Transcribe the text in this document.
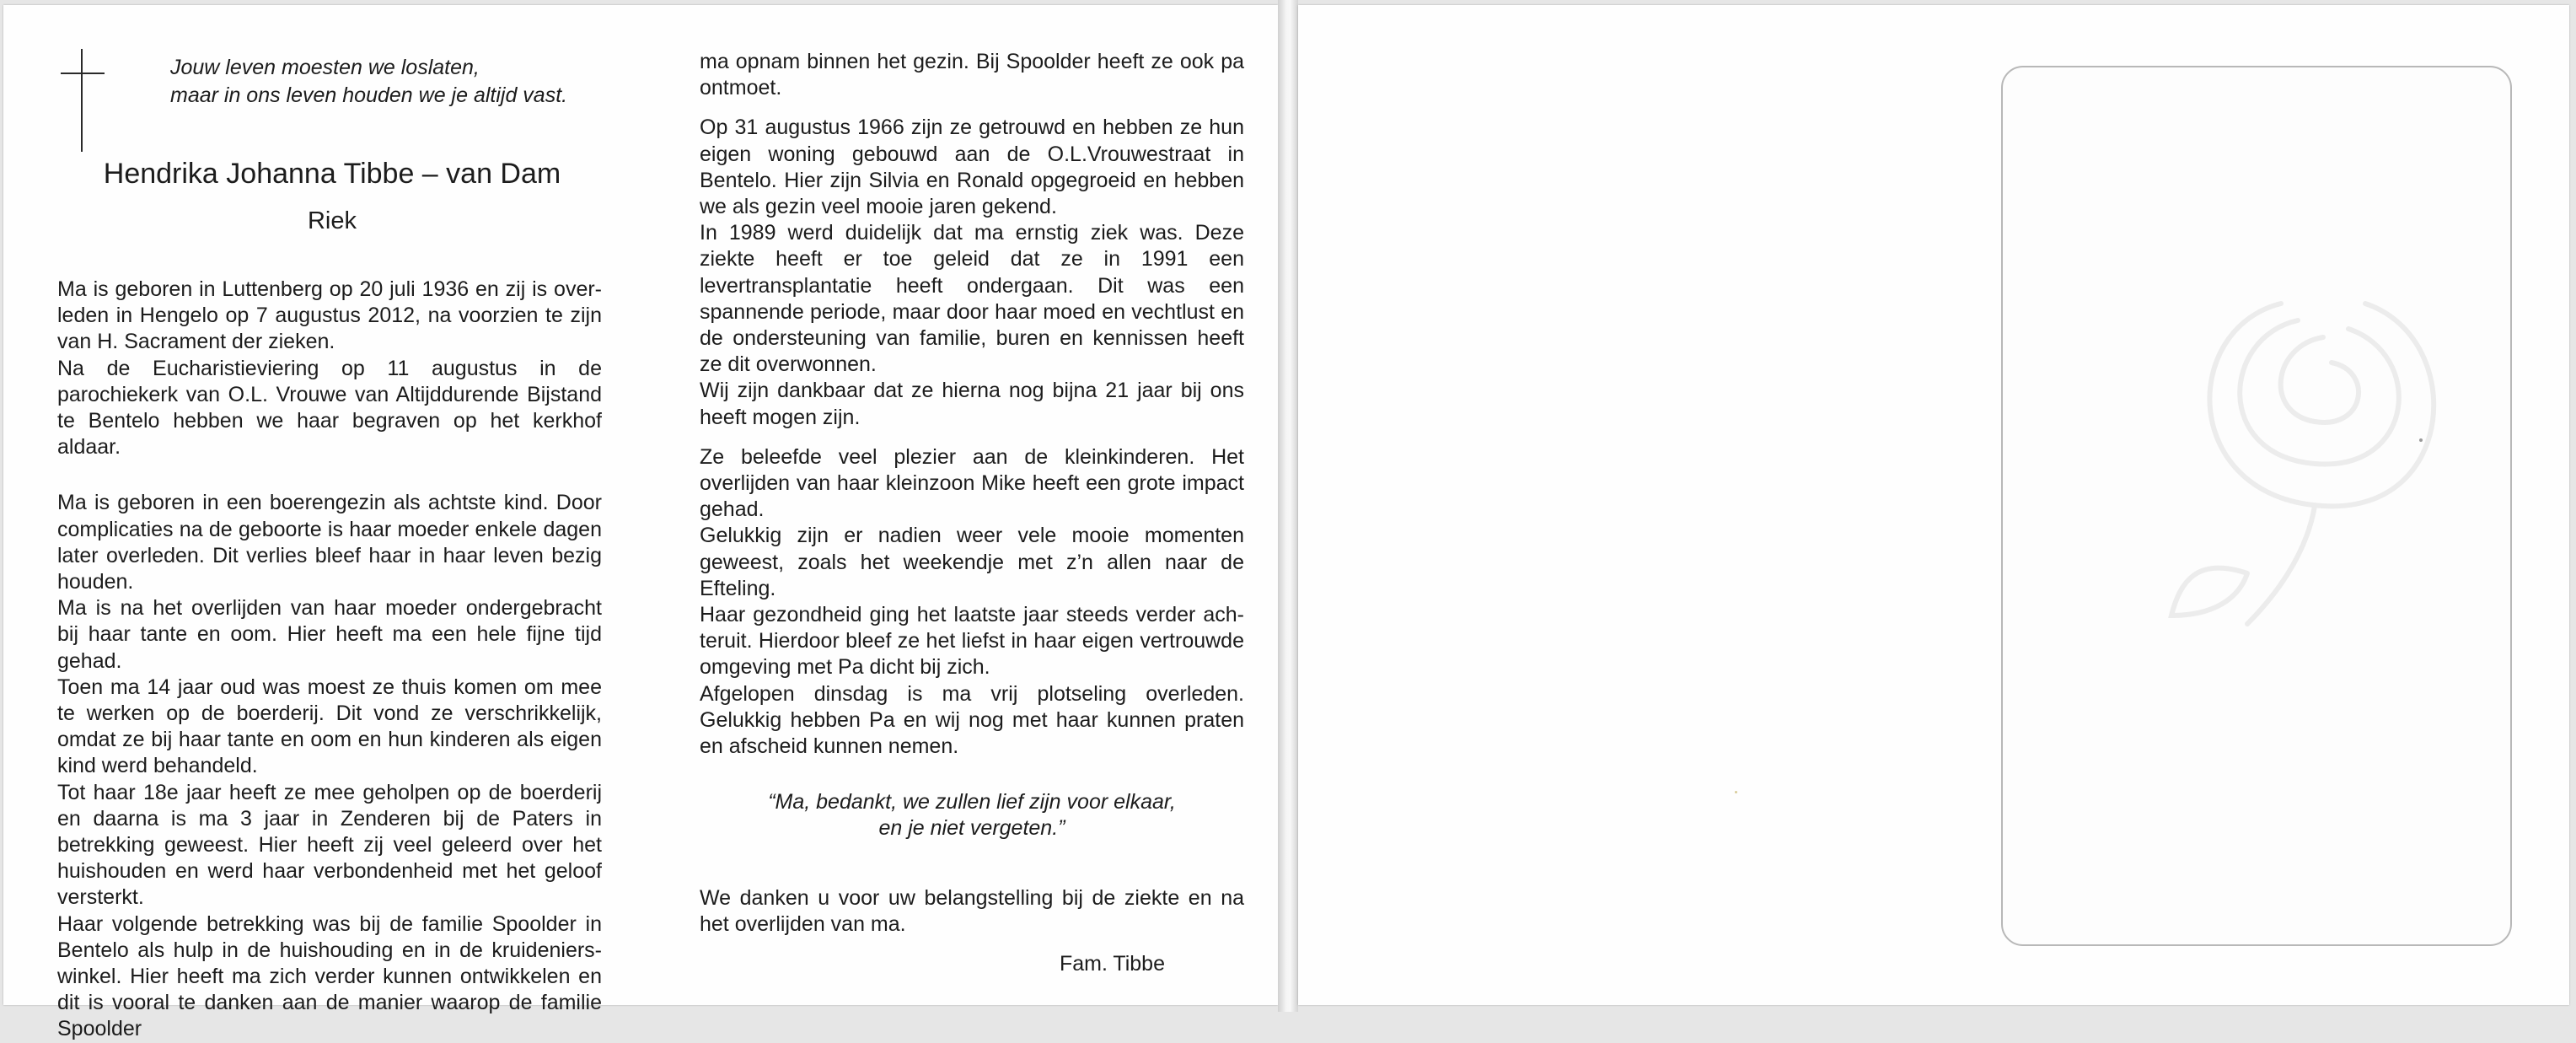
Jouw leven moesten we loslaten,
maar in ons leven houden we je altijd vast.
Hendrika Johanna Tibbe – van Dam
Riek

Ma is geboren in Luttenberg op 20 juli 1936 en zij is over- leden in Hengelo op 7 augustus 2012, na voorzien te zijn van H. Sacrament der zieken.
Na de Eucharistieviering op 11 augustus in de parochiekerk van O.L. Vrouwe van Altijddurende Bijstand te Bentelo hebben we haar begraven op het kerkhof aldaar.

Ma is geboren in een boerengezin als achtste kind. Door complicaties na de geboorte is haar moeder enkele dagen later overleden. Dit verlies bleef haar in haar leven bezig houden.
Ma is na het overlijden van haar moeder ondergebracht bij haar tante en oom. Hier heeft ma een hele fijne tijd gehad.
Toen ma 14 jaar oud was moest ze thuis komen om mee te werken op de boerderij. Dit vond ze verschrikkelijk, omdat ze bij haar tante en oom en hun kinderen als eigen kind werd behandeld.
Tot haar 18e jaar heeft ze mee geholpen op de boerderij en daarna is ma 3 jaar in Zenderen bij de Paters in betrekking geweest. Hier heeft zij veel geleerd over het huishouden en werd haar verbondenheid met het geloof versterkt.
Haar volgende betrekking was bij de familie Spoolder in Bentelo als hulp in de huishouding en in de kruideniers- winkel. Hier heeft ma zich verder kunnen ontwikkelen en dit is vooral te danken aan de manier waarop de familie Spoolder

ma opnam binnen het gezin. Bij Spoolder heeft ze ook pa ontmoet.

Op 31 augustus 1966 zijn ze getrouwd en hebben ze hun eigen woning gebouwd aan de O.L.Vrouwestraat in Bentelo. Hier zijn Silvia en Ronald opgegroeid en hebben we als gezin veel mooie jaren gekend.
In 1989 werd duidelijk dat ma ernstig ziek was. Deze ziekte heeft er toe geleid dat ze in 1991 een levertransplantatie heeft ondergaan. Dit was een spannende periode, maar door haar moed en vechtlust en de ondersteuning van familie, buren en kennissen heeft ze dit overwonnen.
Wij zijn dankbaar dat ze hierna nog bijna 21 jaar bij ons heeft mogen zijn.

Ze beleefde veel plezier aan de kleinkinderen. Het overlijden van haar kleinzoon Mike heeft een grote impact gehad.
Gelukkig zijn er nadien weer vele mooie momenten geweest, zoals het weekendje met z’n allen naar de Efteling.
Haar gezondheid ging het laatste jaar steeds verder ach- teruit. Hierdoor bleef ze het liefst in haar eigen vertrouwde omgeving met Pa dicht bij zich.
Afgelopen dinsdag is ma vrij plotseling overleden. Gelukkig hebben Pa en wij nog met haar kunnen praten en afscheid kunnen nemen.

“Ma, bedankt, we zullen lief zijn voor elkaar,
en je niet vergeten.”

We danken u voor uw belangstelling bij de ziekte en na het overlijden van ma.

Fam. Tibbe
